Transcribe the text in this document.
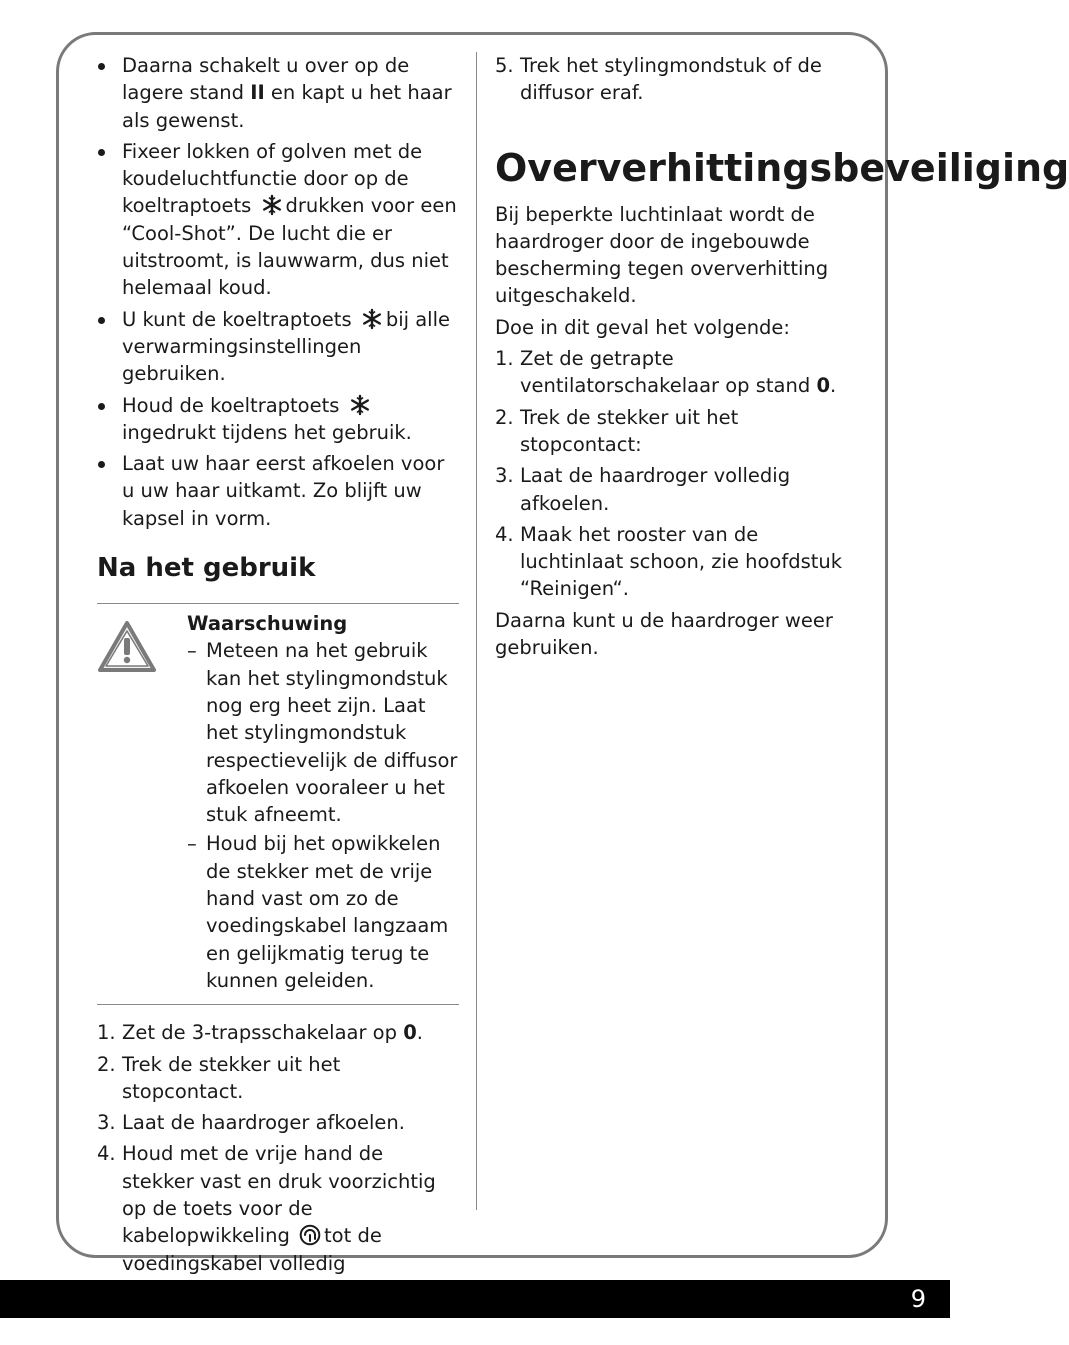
Daarna schakelt u over op de lagere stand II en kapt u het haar als gewenst.
Fixeer lokken of golven met de koudeluchtfunctie door op de koeltraptoets drukken voor een “Cool-Shot”. De lucht die er uitstroomt, is lauwwarm, dus niet helemaal koud.
U kunt de koeltraptoets bij alle verwarmingsinstellingen gebruiken.
Houd de koeltraptoets ingedrukt tijdens het gebruik.
Laat uw haar eerst afkoelen voor u uw haar uitkamt. Zo blijft uw kapsel in vorm.
Na het gebruik
Waarschuwing
– Meteen na het gebruik kan het stylingmondstuk nog erg heet zijn. Laat het stylingmondstuk respectievelijk de diffusor afkoelen vooraleer u het stuk afneemt.
– Houd bij het opwikkelen de stekker met de vrije hand vast om zo de voedingskabel langzaam en gelijkmatig terug te kunnen geleiden.
1. Zet de 3-trapsschakelaar op 0.
2. Trek de stekker uit het stopcontact.
3. Laat de haardroger afkoelen.
4. Houd met de vrije hand de stekker vast en druk voorzichtig op de toets voor de kabelopwikkeling tot de voedingskabel volledig
5. Trek het stylingmondstuk of de diffusor eraf.
Oververhittingsbeveiliging

Bij beperkte luchtinlaat wordt de haardroger door de ingebouwde bescherming tegen oververhitting uitgeschakeld.

Doe in dit geval het volgende:

1. Zet de getrapte ventilatorschakelaar op stand 0.
2. Trek de stekker uit het stopcontact:
3. Laat de haardroger volledig afkoelen.
4. Maak het rooster van de luchtinlaat schoon, zie hoofdstuk “Reinigen“.

Daarna kunt u de haardroger weer gebruiken.

9
